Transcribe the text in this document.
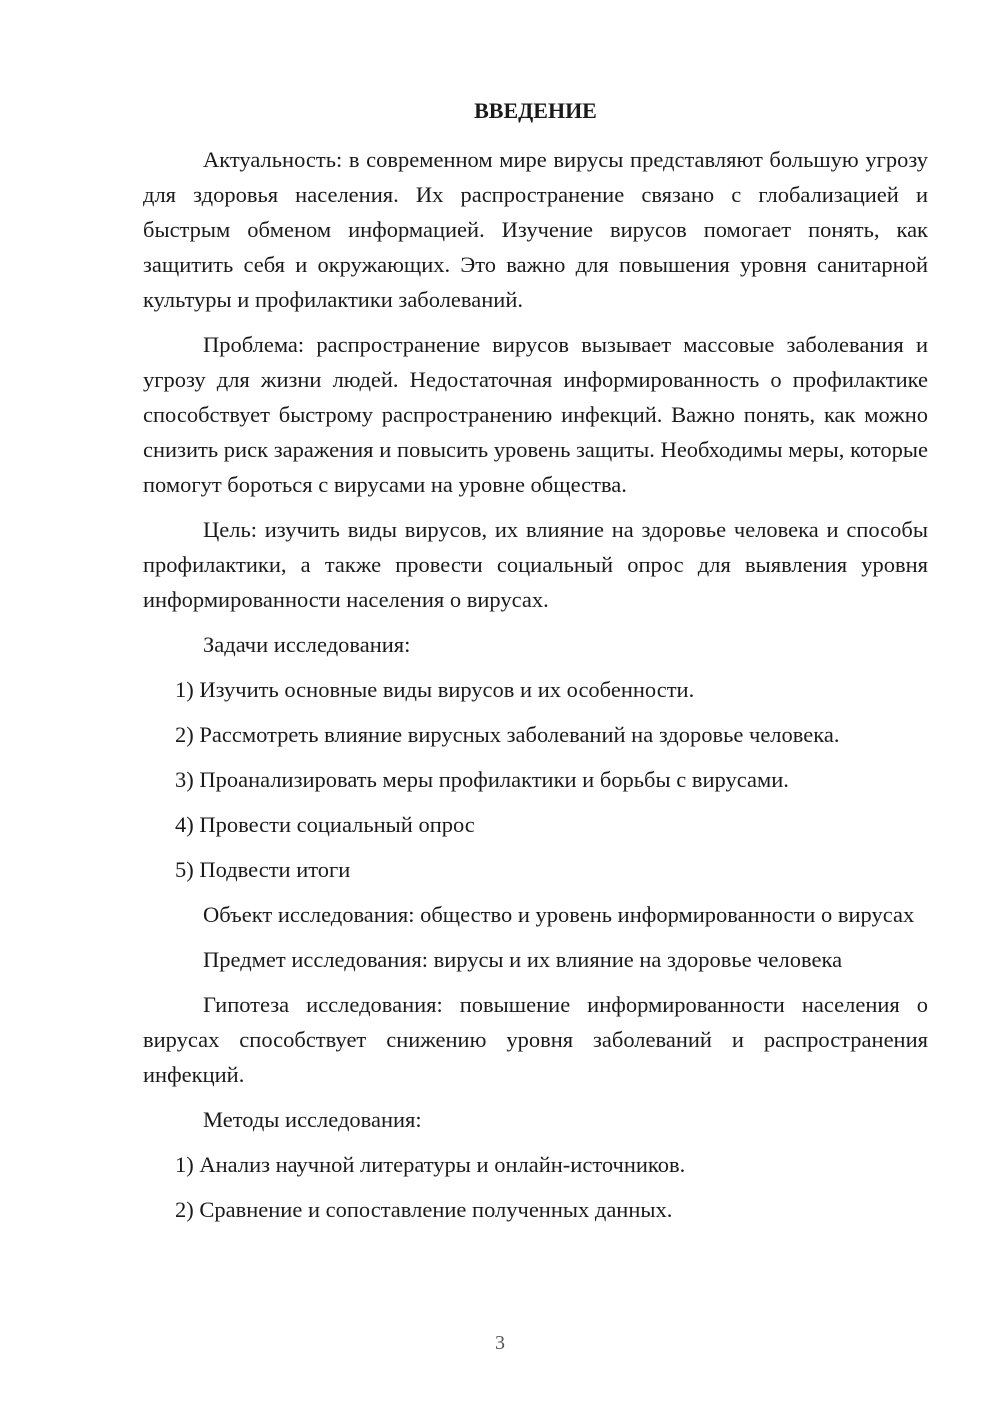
ВВЕДЕНИЕ

Актуальность: в современном мире вирусы представляют большую угрозу для здоровья населения. Их распространение связано с глобализацией и быстрым обменом информацией. Изучение вирусов помогает понять, как защитить себя и окружающих. Это важно для повышения уровня санитарной культуры и профилактики заболеваний.

Проблема: распространение вирусов вызывает массовые заболевания и угрозу для жизни людей. Недостаточная информированность о профилактике способствует быстрому распространению инфекций. Важно понять, как можно снизить риск заражения и повысить уровень защиты. Необходимы меры, которые помогут бороться с вирусами на уровне общества.

Цель: изучить виды вирусов, их влияние на здоровье человека и способы профилактики, а также провести социальный опрос для выявления уровня информированности населения о вирусах.

Задачи исследования:
1) Изучить основные виды вирусов и их особенности.
2) Рассмотреть влияние вирусных заболеваний на здоровье человека.
3) Проанализировать меры профилактики и борьбы с вирусами.
4) Провести социальный опрос
5) Подвести итоги

Объект исследования: общество и уровень информированности о вирусах

Предмет исследования: вирусы и их влияние на здоровье человека

Гипотеза исследования: повышение информированности населения о вирусах способствует снижению уровня заболеваний и распространения инфекций.

Методы исследования:
1) Анализ научной литературы и онлайн-источников.
2) Сравнение и сопоставление полученных данных.
3
